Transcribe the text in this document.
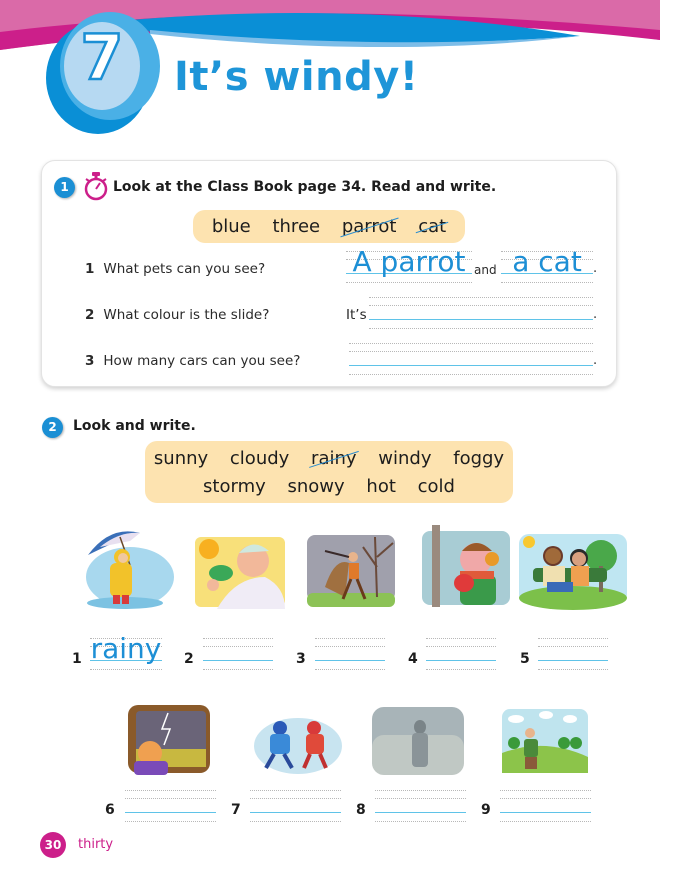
7 It’s windy!
1	Look at the Class Book page 34. Read and write.
blue three parrot cat
1 What pets can you see?	A parrot and a cat .
2 What colour is the slide?	It’s	.
3 How many cars can you see?	.
2	Look and write.
sunny cloudy rainy windy foggy
stormy snowy hot cold
1 rainy 2	3	4	5
6	7	8	9
30	thirty
